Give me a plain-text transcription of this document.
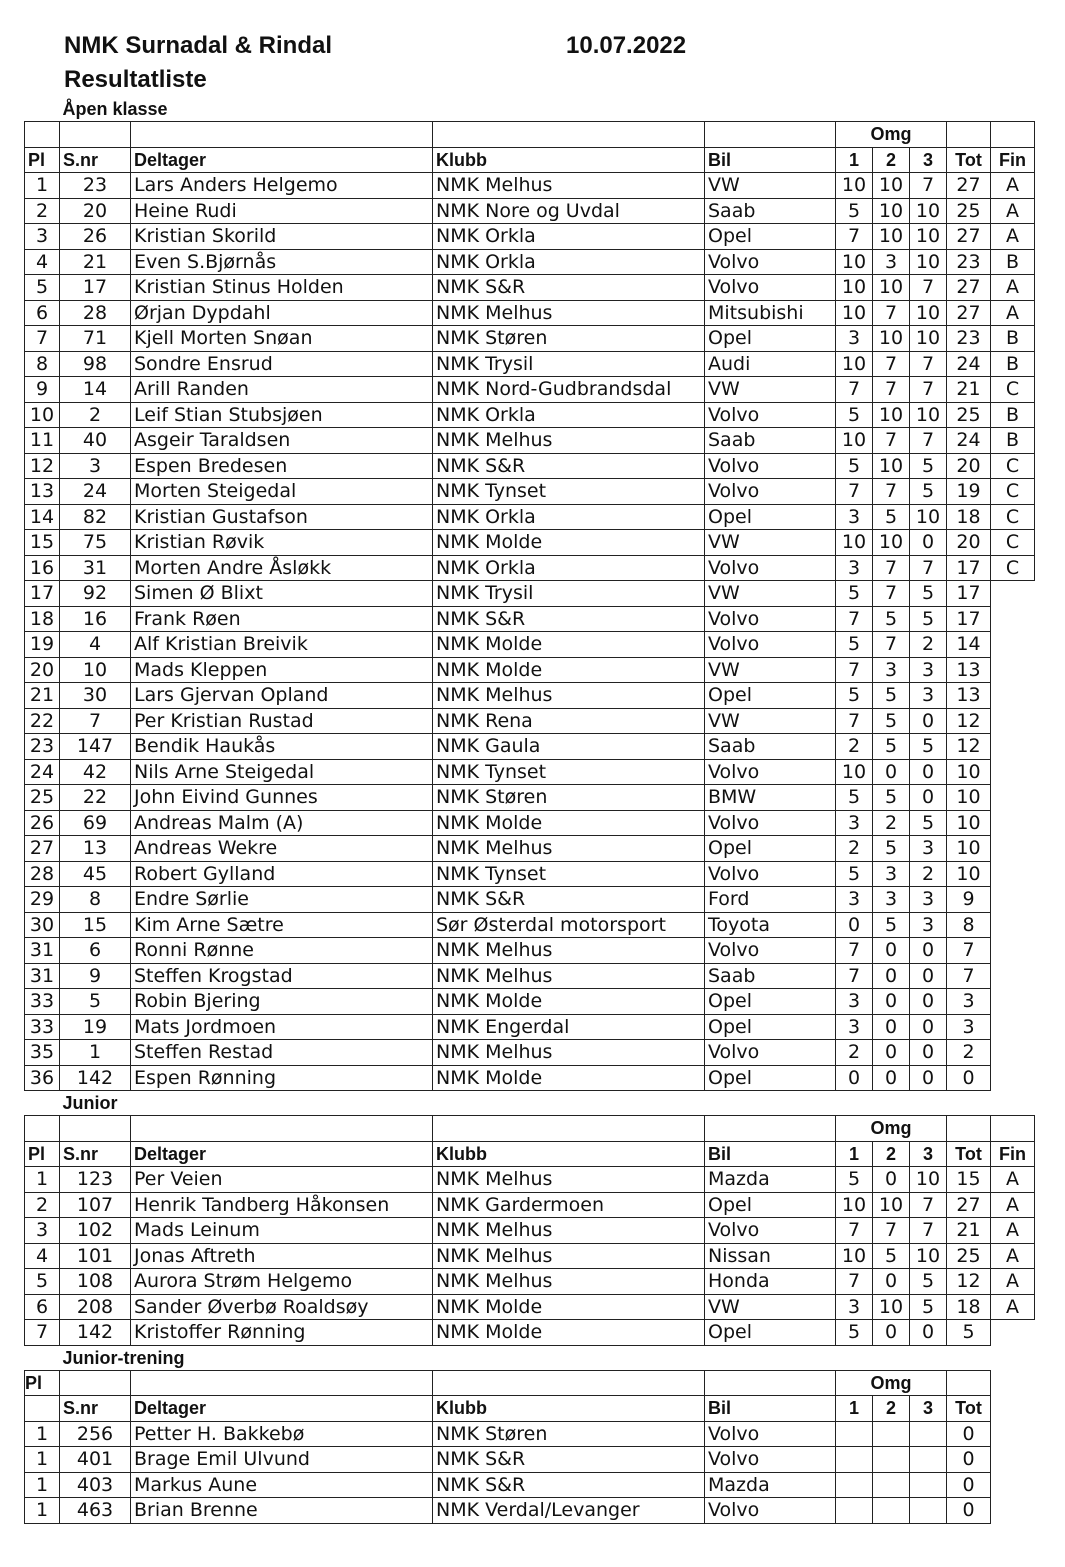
NMK Surnadal & Rindal	10.07.2022
Resultatliste
Åpen klasse									
					Omg				
Pl	S.nr	Deltager	Klubb	Bil	1	2	3	Tot	Fin
1	23	Lars Anders Helgemo	NMK Melhus	VW	10	10	7	27	A
2	20	Heine Rudi	NMK Nore og Uvdal	Saab	5	10	10	25	A
3	26	Kristian Skorild	NMK Orkla	Opel	7	10	10	27	A
4	21	Even S.Bjørnås	NMK Orkla	Volvo	10	3	10	23	B
5	17	Kristian Stinus Holden	NMK S&R	Volvo	10	10	7	27	A
6	28	Ørjan Dypdahl	NMK Melhus	Mitsubishi	10	7	10	27	A
7	71	Kjell Morten Snøan	NMK Støren	Opel	3	10	10	23	B
8	98	Sondre Ensrud	NMK Trysil	Audi	10	7	7	24	B
9	14	Arill Randen	NMK Nord-Gudbrandsdal	VW	7	7	7	21	C
10	2	Leif Stian Stubsjøen	NMK Orkla	Volvo	5	10	10	25	B
11	40	Asgeir Taraldsen	NMK Melhus	Saab	10	7	7	24	B
12	3	Espen Bredesen	NMK S&R	Volvo	5	10	5	20	C
13	24	Morten Steigedal	NMK Tynset	Volvo	7	7	5	19	C
14	82	Kristian Gustafson	NMK Orkla	Opel	3	5	10	18	C
15	75	Kristian Røvik	NMK Molde	VW	10	10	0	20	C
16	31	Morten Andre Åsløkk	NMK Orkla	Volvo	3	7	7	17	C
17	92	Simen Ø Blixt	NMK Trysil	VW	5	7	5	17	
18	16	Frank Røen	NMK S&R	Volvo	7	5	5	17	
19	4	Alf Kristian Breivik	NMK Molde	Volvo	5	7	2	14	
20	10	Mads Kleppen	NMK Molde	VW	7	3	3	13	
21	30	Lars Gjervan Opland	NMK Melhus	Opel	5	5	3	13	
22	7	Per Kristian Rustad	NMK Rena	VW	7	5	0	12	
23	147	Bendik Haukås	NMK Gaula	Saab	2	5	5	12	
24	42	Nils Arne Steigedal	NMK Tynset	Volvo	10	0	0	10	
25	22	John Eivind Gunnes	NMK Støren	BMW	5	5	0	10	
26	69	Andreas Malm (A)	NMK Molde	Volvo	3	2	5	10	
27	13	Andreas Wekre	NMK Melhus	Opel	2	5	3	10	
28	45	Robert Gylland	NMK Tynset	Volvo	5	3	2	10	
29	8	Endre Sørlie	NMK S&R	Ford	3	3	3	9	
30	15	Kim Arne Sætre	Sør Østerdal motorsport	Toyota	0	5	3	8	
31	6	Ronni Rønne	NMK Melhus	Volvo	7	0	0	7	
31	9	Steffen Krogstad	NMK Melhus	Saab	7	0	0	7	
33	5	Robin Bjering	NMK Molde	Opel	3	0	0	3	
33	19	Mats Jordmoen	NMK Engerdal	Opel	3	0	0	3	
35	1	Steffen Restad	NMK Melhus	Volvo	2	0	0	2	
36	142	Espen Rønning	NMK Molde	Opel	0	0	0	0	
Junior									
					Omg				
Pl	S.nr	Deltager	Klubb	Bil	1	2	3	Tot	Fin
1	123	Per Veien	NMK Melhus	Mazda	5	0	10	15	A
2	107	Henrik Tandberg Håkonsen	NMK Gardermoen	Opel	10	10	7	27	A
3	102	Mads Leinum	NMK Melhus	Volvo	7	7	7	21	A
4	101	Jonas Aftreth	NMK Melhus	Nissan	10	5	10	25	A
5	108	Aurora Strøm Helgemo	NMK Melhus	Honda	7	0	5	12	A
6	208	Sander Øverbø Roaldsøy	NMK Molde	VW	3	10	5	18	A
7	142	Kristoffer Rønning	NMK Molde	Opel	5	0	0	5	
Junior-trening									
Pl					Omg				
	S.nr	Deltager	Klubb	Bil	1	2	3	Tot	
1	256	Petter H. Bakkebø	NMK Støren	Volvo				0	
1	401	Brage Emil Ulvund	NMK S&R	Volvo				0	
1	403	Markus Aune	NMK S&R	Mazda				0	
1	463	Brian Brenne	NMK Verdal/Levanger	Volvo				0	
